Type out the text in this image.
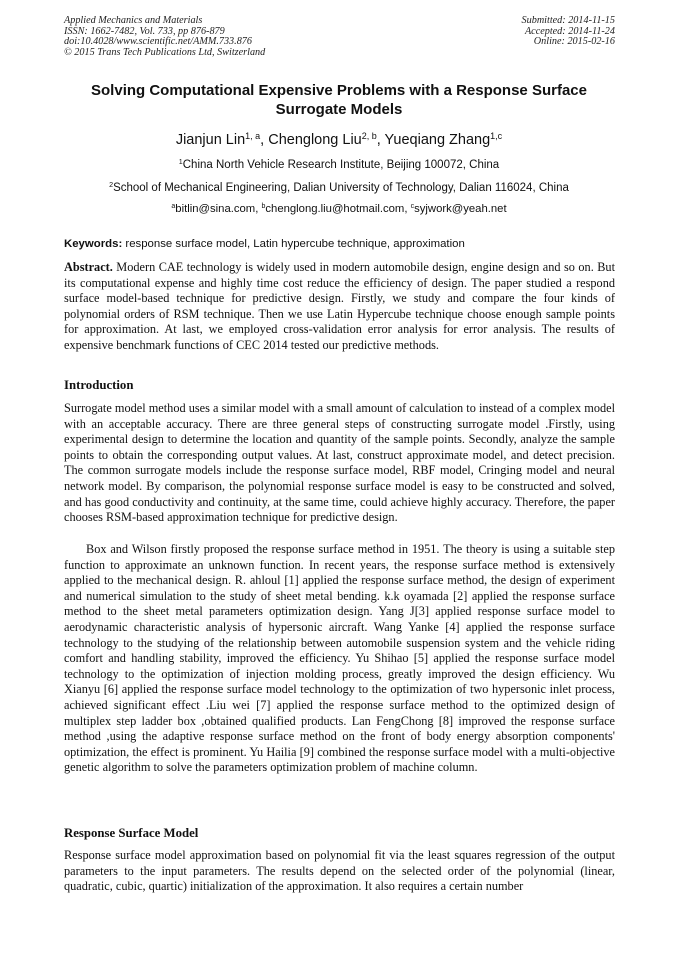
Applied Mechanics and Materials
ISSN: 1662-7482, Vol. 733, pp 876-879
doi:10.4028/www.scientific.net/AMM.733.876
© 2015 Trans Tech Publications Ltd, Switzerland
Submitted: 2014-11-15
Accepted: 2014-11-24
Online: 2015-02-16
Solving Computational Expensive Problems with a Response Surface Surrogate Models
Jianjun Lin$^{1, a}$, Chenglong Liu$^{2, b}$, Yueqiang Zhang$^{1,c}$
$^1$China North Vehicle Research Institute, Beijing 100072, China
$^2$School of Mechanical Engineering, Dalian University of Technology, Dalian 116024, China
$^a$bitlin@sina.com, $^b$chenglong.liu@hotmail.com, $^c$syjwork@yeah.net
Keywords: response surface model, Latin hypercube technique, approximation
Abstract. Modern CAE technology is widely used in modern automobile design, engine design and so on. But its computational expense and highly time cost reduce the efficiency of design. The paper studied a respond surface model-based technique for predictive design. Firstly, we study and compare the four kinds of polynomial orders of RSM technique. Then we use Latin Hypercube technique choose enough sample points for approximation. At last, we employed cross-validation error analysis for error analysis. The results of expensive benchmark functions of CEC 2014 tested our predictive methods.
Introduction
Surrogate model method uses a similar model with a small amount of calculation to instead of a complex model with an acceptable accuracy. There are three general steps of constructing surrogate model .Firstly, using experimental design to determine the location and quantity of the sample points. Secondly, analyze the sample points to obtain the corresponding output values. At last, construct approximate model, and detect precision. The common surrogate models include the response surface model, RBF model, Cringing model and neural network model. By comparison, the polynomial response surface model is easy to be constructed and solved, and has good conductivity and continuity, at the same time, could achieve highly accuracy. Therefore, the paper chooses RSM-based approximation technique for predictive design.
Box and Wilson firstly proposed the response surface method in 1951. The theory is using a suitable step function to approximate an unknown function. In recent years, the response surface method is extensively applied to the mechanical design. R. ahloul [1] applied the response surface method, the design of experiment and numerical simulation to the study of sheet metal bending. k.k oyamada [2] applied the response surface method to the sheet metal parameters optimization design. Yang J[3] applied response surface model to aerodynamic characteristic analysis of hypersonic aircraft. Wang Yanke [4] applied the response surface technology to the studying of the relationship between automobile suspension system and the vehicle riding comfort and handling stability, improved the efficiency. Yu Shihao [5] applied the response surface model technology to the optimization of injection molding process, greatly improved the design efficiency. Wu Xianyu [6] applied the response surface model technology to the optimization of two hypersonic inlet process, achieved significant effect .Liu wei [7] applied the response surface method to the optimized design of multiplex step ladder box ,obtained qualified products. Lan FengChong [8] improved the response surface method ,using the adaptive response surface method on the front of body energy absorption components' optimization, the effect is prominent. Yu Hailia [9] combined the response surface model with a multi-objective genetic algorithm to solve the parameters optimization problem of machine column.
Response Surface Model
Response surface model approximation based on polynomial fit via the least squares regression of the output parameters to the input parameters. The results depend on the selected order of the polynomial (linear, quadratic, cubic, quartic) initialization of the approximation. It also requires a certain number
